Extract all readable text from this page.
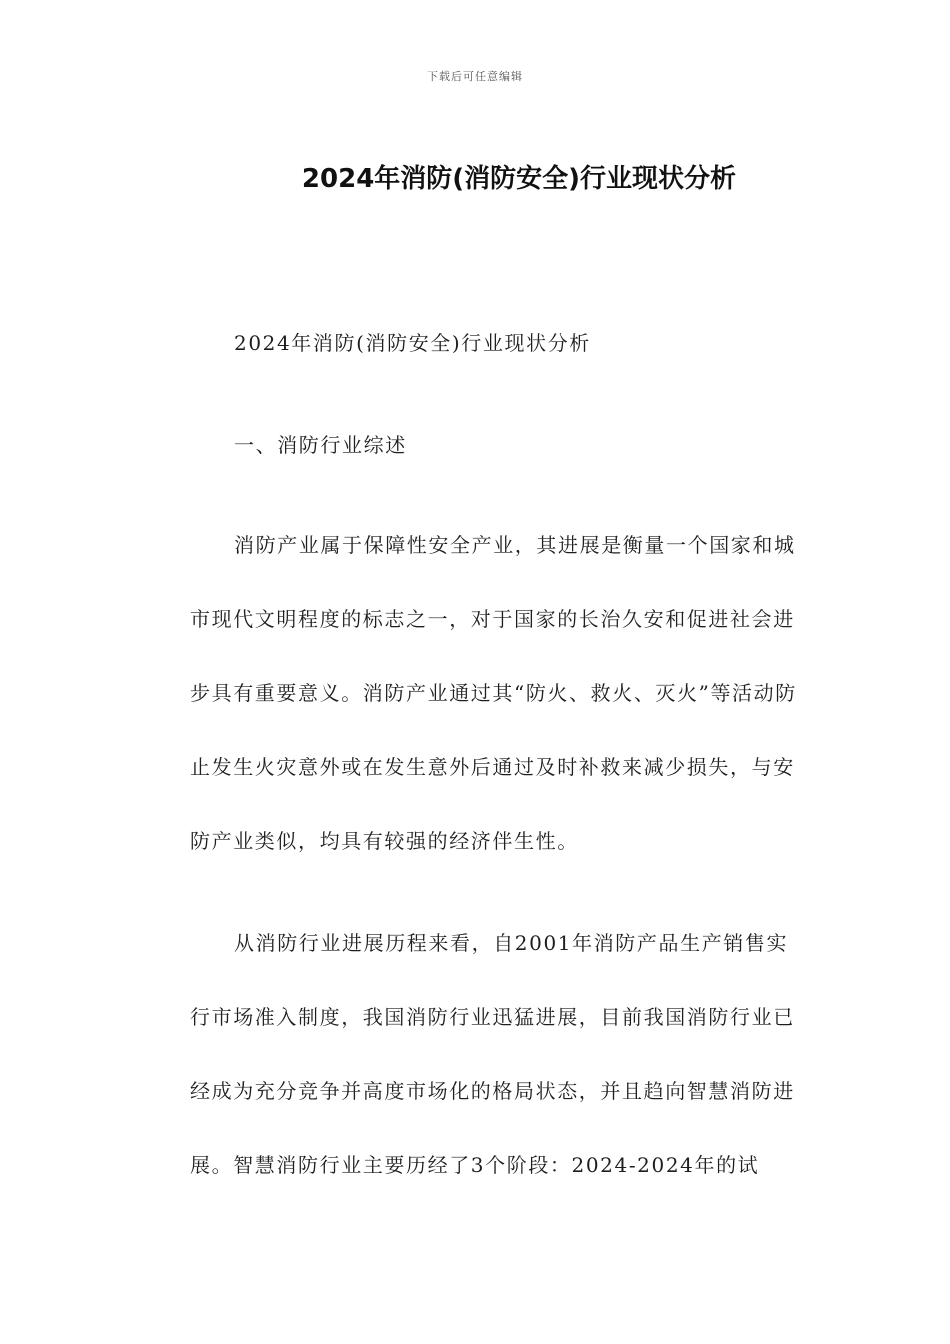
下载后可任意编辑
2024年消防(消防安全)行业现状分析

2024年消防(消防安全)行业现状分析

一、消防行业综述

消防产业属于保障性安全产业，其进展是衡量一个国家和城市现代文明程度的标志之一，对于国家的长治久安和促进社会进步具有重要意义。消防产业通过其“防火、救火、灭火”等活动防止发生火灾意外或在发生意外后通过及时补救来减少损失，与安防产业类似，均具有较强的经济伴生性。

从消防行业进展历程来看，自2001年消防产品生产销售实行市场准入制度，我国消防行业迅猛进展，目前我国消防行业已经成为充分竞争并高度市场化的格局状态，并且趋向智慧消防进展。智慧消防行业主要历经了3个阶段：2024-2024年的试
